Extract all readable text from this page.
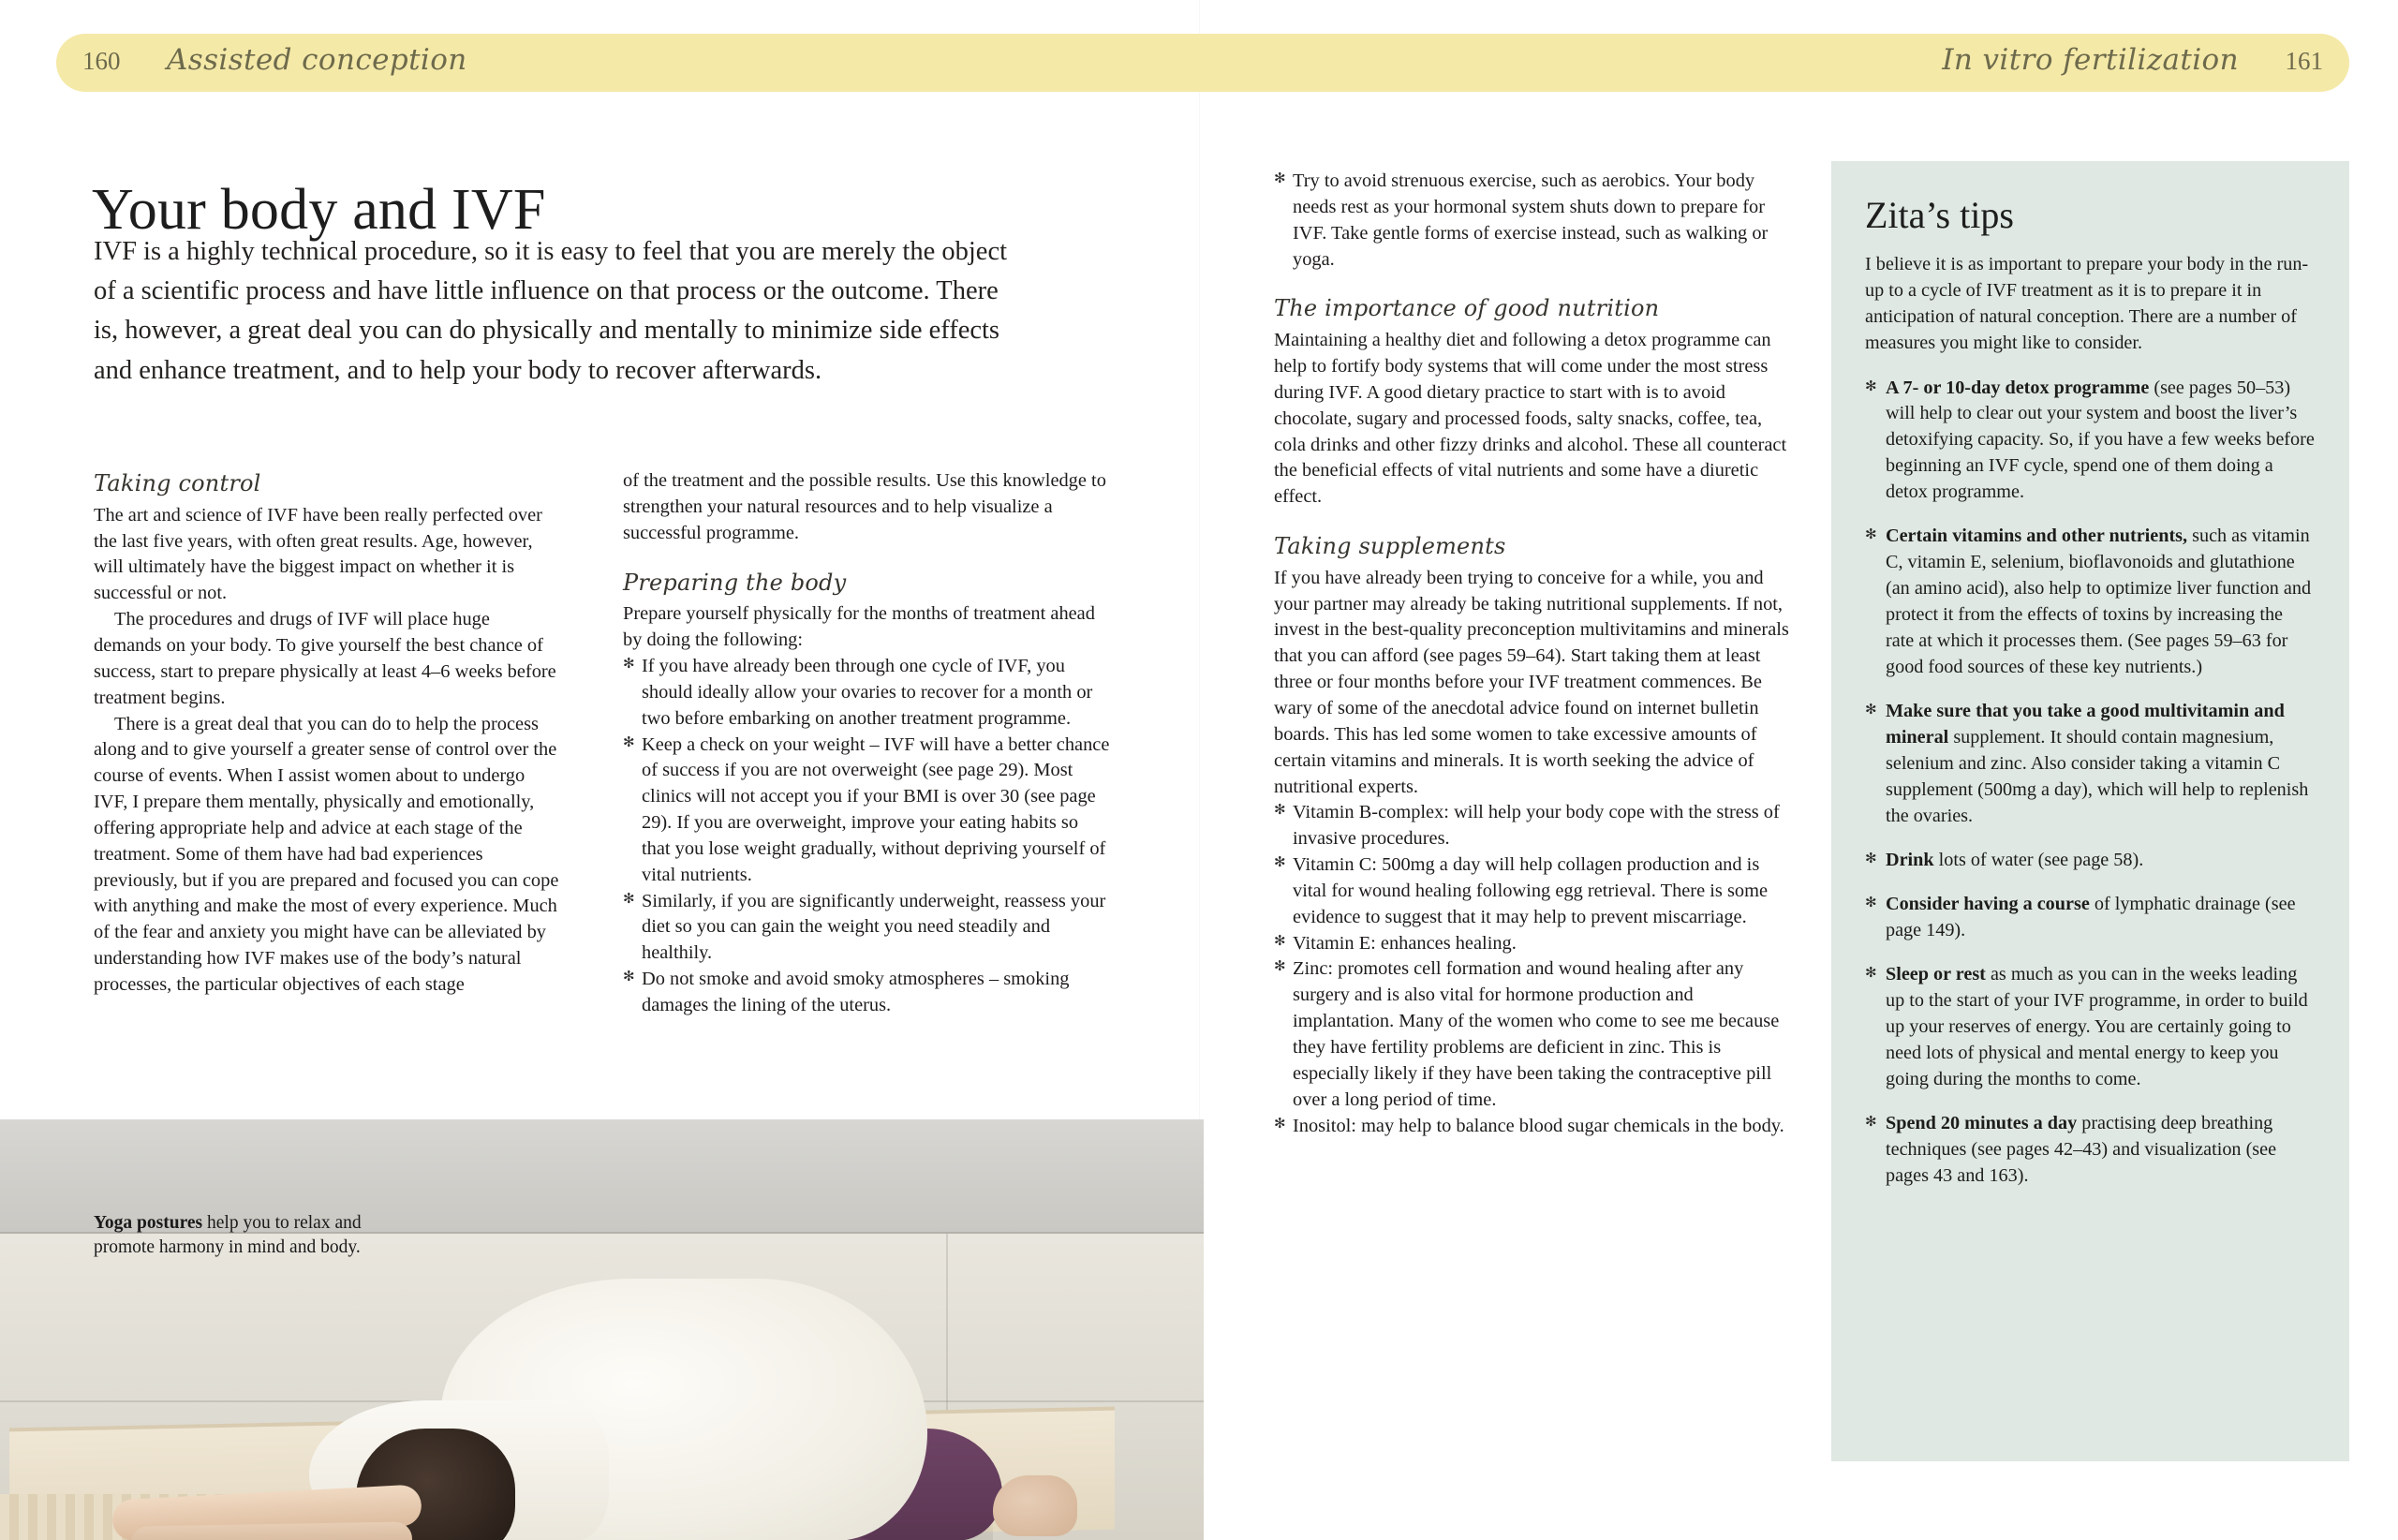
160 Assisted conception	In vitro fertilization 161
Your body and IVF
IVF is a highly technical procedure, so it is easy to feel that you are merely the object of a scientific process and have little influence on that process or the outcome. There is, however, a great deal you can do physically and mentally to minimize side effects and enhance treatment, and to help your body to recover afterwards.
Taking control

The art and science of IVF have been really perfected over the last five years, with often great results. Age, however, will ultimately have the biggest impact on whether it is successful or not.

The procedures and drugs of IVF will place huge demands on your body. To give yourself the best chance of success, start to prepare physically at least 4–6 weeks before treatment begins.

There is a great deal that you can do to help the process along and to give yourself a greater sense of control over the course of events. When I assist women about to undergo IVF, I prepare them mentally, physically and emotionally, offering appropriate help and advice at each stage of the treatment. Some of them have had bad experiences previously, but if you are prepared and focused you can cope with anything and make the most of every experience. Much of the fear and anxiety you might have can be alleviated by understanding how IVF makes use of the body’s natural processes, the particular objectives of each stage

of the treatment and the possible results. Use this knowledge to strengthen your natural resources and to help visualize a successful programme.

Preparing the body

Prepare yourself physically for the months of treatment ahead by doing the following:

✻ If you have already been through one cycle of IVF, you should ideally allow your ovaries to recover for a month or two before embarking on another treatment programme.
✻ Keep a check on your weight – IVF will have a better chance of success if you are not overweight (see page 29). Most clinics will not accept you if your BMI is over 30 (see page 29). If you are overweight, improve your eating habits so that you lose weight gradually, without depriving yourself of vital nutrients.
✻ Similarly, if you are significantly underweight, reassess your diet so you can gain the weight you need steadily and healthily.
✻ Do not smoke and avoid smoky atmospheres – smoking damages the lining of the uterus.
Yoga postures help you to relax and promote harmony in mind and body.
✻ Try to avoid strenuous exercise, such as aerobics. Your body needs rest as your hormonal system shuts down to prepare for IVF. Take gentle forms of exercise instead, such as walking or yoga.
The importance of good nutrition

Maintaining a healthy diet and following a detox programme can help to fortify body systems that will come under the most stress during IVF. A good dietary practice to start with is to avoid chocolate, sugary and processed foods, salty snacks, coffee, tea, cola drinks and other fizzy drinks and alcohol. These all counteract the beneficial effects of vital nutrients and some have a diuretic effect.

Taking supplements

If you have already been trying to conceive for a while, you and your partner may already be taking nutritional supplements. If not, invest in the best-quality preconception multivitamins and minerals that you can afford (see pages 59–64). Start taking them at least three or four months before your IVF treatment commences. Be wary of some of the anecdotal advice found on internet bulletin boards. This has led some women to take excessive amounts of certain vitamins and minerals. It is worth seeking the advice of nutritional experts.

✻ Vitamin B-complex: will help your body cope with the stress of invasive procedures.
✻ Vitamin C: 500mg a day will help collagen production and is vital for wound healing following egg retrieval. There is some evidence to suggest that it may help to prevent miscarriage.
✻ Vitamin E: enhances healing.
✻ Zinc: promotes cell formation and wound healing after any surgery and is also vital for hormone production and implantation. Many of the women who come to see me because they have fertility problems are deficient in zinc. This is especially likely if they have been taking the contraceptive pill over a long period of time.
✻ Inositol: may help to balance blood sugar chemicals in the body.
Zita’s tips

I believe it is as important to prepare your body in the run-up to a cycle of IVF treatment as it is to prepare it in anticipation of natural conception. There are a number of measures you might like to consider.

✻ A 7- or 10-day detox programme (see pages 50–53) will help to clear out your system and boost the liver’s detoxifying capacity. So, if you have a few weeks before beginning an IVF cycle, spend one of them doing a detox programme.
✻ Certain vitamins and other nutrients, such as vitamin C, vitamin E, selenium, bioflavonoids and glutathione (an amino acid), also help to optimize liver function and protect it from the effects of toxins by increasing the rate at which it processes them. (See pages 59–63 for good food sources of these key nutrients.)
✻ Make sure that you take a good multivitamin and mineral supplement. It should contain magnesium, selenium and zinc. Also consider taking a vitamin C supplement (500mg a day), which will help to replenish the ovaries.
✻ Drink lots of water (see page 58).
✻ Consider having a course of lymphatic drainage (see page 149).
✻ Sleep or rest as much as you can in the weeks leading up to the start of your IVF programme, in order to build up your reserves of energy. You are certainly going to need lots of physical and mental energy to keep you going during the months to come.
✻ Spend 20 minutes a day practising deep breathing techniques (see pages 42–43) and visualization (see pages 43 and 163).
